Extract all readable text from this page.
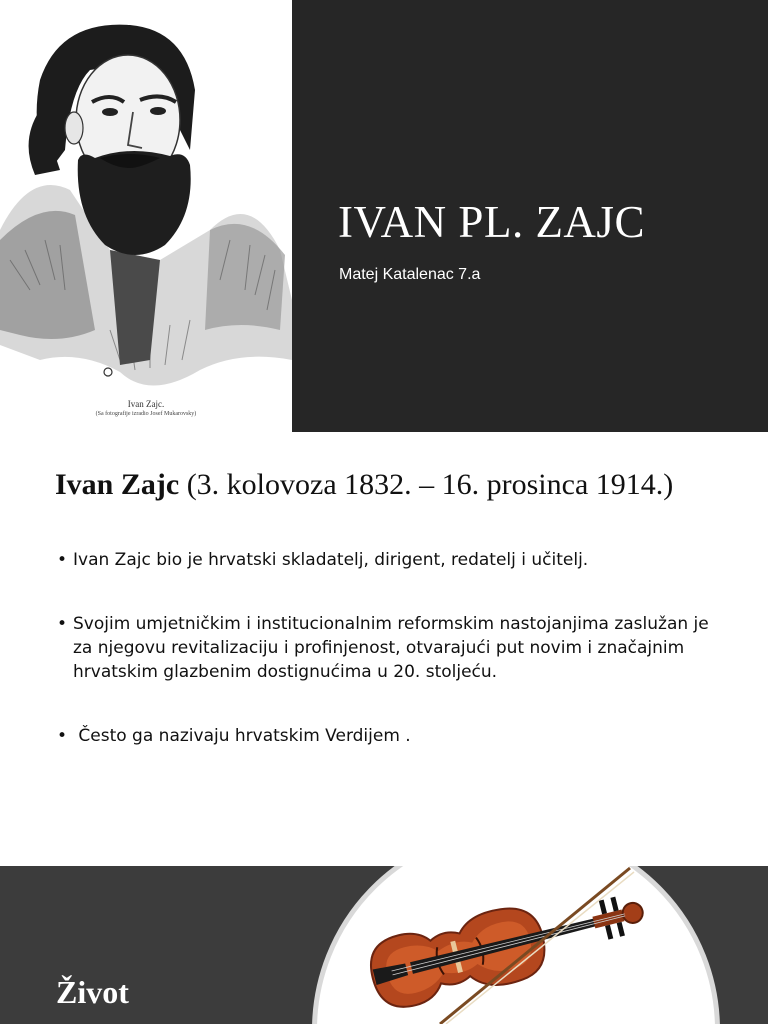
Ivan Zajc.
(Sa fotografije izradio Josef Mukarovsky)
IVAN PL. ZAJC
Matej Katalenac 7.a
Ivan Zajc (3. kolovoza 1832. – 16. prosinca 1914.)
• Ivan Zajc bio je hrvatski skladatelj, dirigent, redatelj i učitelj.
• Svojim umjetničkim i institucionalnim reformskim nastojanjima zaslužan je za njegovu revitalizaciju i profinjenost, otvarajući put novim i značajnim hrvatskim glazbenim dostignućima u 20. stoljeću.
• Često ga nazivaju hrvatskim Verdijem .
Život
